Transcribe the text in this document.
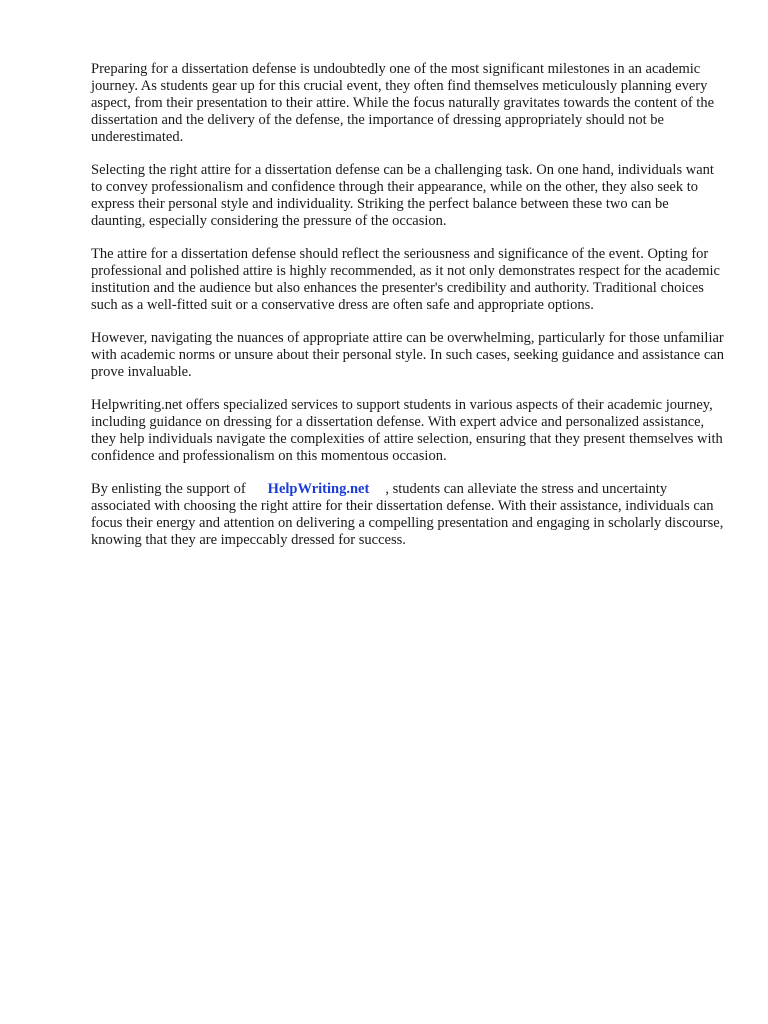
Preparing for a dissertation defense is undoubtedly one of the most significant milestones in an academic journey. As students gear up for this crucial event, they often find themselves meticulously planning every aspect, from their presentation to their attire. While the focus naturally gravitates towards the content of the dissertation and the delivery of the defense, the importance of dressing appropriately should not be underestimated.

Selecting the right attire for a dissertation defense can be a challenging task. On one hand, individuals want to convey professionalism and confidence through their appearance, while on the other, they also seek to express their personal style and individuality. Striking the perfect balance between these two can be daunting, especially considering the pressure of the occasion.

The attire for a dissertation defense should reflect the seriousness and significance of the event. Opting for professional and polished attire is highly recommended, as it not only demonstrates respect for the academic institution and the audience but also enhances the presenter's credibility and authority. Traditional choices such as a well-fitted suit or a conservative dress are often safe and appropriate options.

However, navigating the nuances of appropriate attire can be overwhelming, particularly for those unfamiliar with academic norms or unsure about their personal style. In such cases, seeking guidance and assistance can prove invaluable.

Helpwriting.net offers specialized services to support students in various aspects of their academic journey, including guidance on dressing for a dissertation defense. With expert advice and personalized assistance, they help individuals navigate the complexities of attire selection, ensuring that they present themselves with confidence and professionalism on this momentous occasion.

By enlisting the support of HelpWriting.net , students can alleviate the stress and uncertainty associated with choosing the right attire for their dissertation defense. With their assistance, individuals can focus their energy and attention on delivering a compelling presentation and engaging in scholarly discourse, knowing that they are impeccably dressed for success.
